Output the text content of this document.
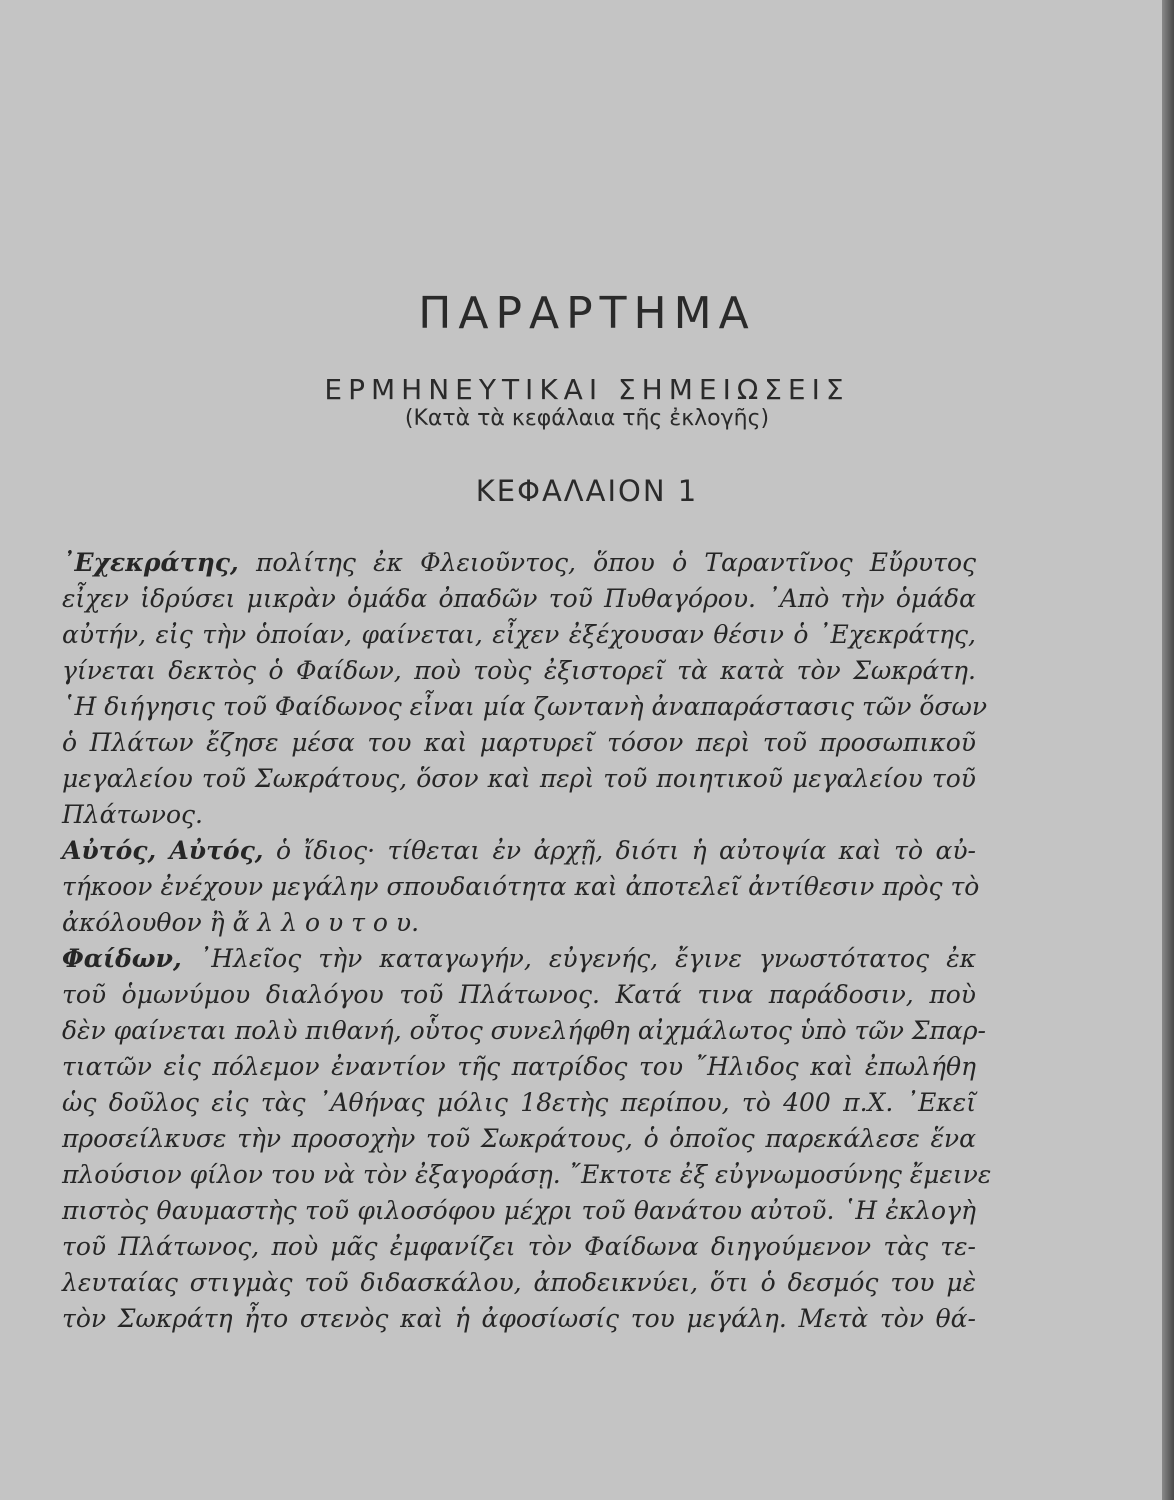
ΠΑΡΑΡΤΗΜΑ
ΕΡΜΗΝΕΥΤΙΚΑΙ ΣΗΜΕΙΩΣΕΙΣ
(Κατὰ τὰ κεφάλαια τῆς ἐκλογῆς)
ΚΕΦΑΛΑΙΟΝ 1
᾿Εχεκράτης, πολίτης ἐκ Φλειοῦντος, ὅπου ὁ Ταραντῖνος Εὔρυτος
εἶχεν ἱδρύσει μικρὰν ὁμάδα ὀπαδῶν τοῦ Πυθαγόρου. ᾿Απὸ τὴν ὁμάδα
αὐτήν, εἰς τὴν ὁποίαν, φαίνεται, εἶχεν ἐξέχουσαν θέσιν ὁ ᾿Εχεκράτης,
γίνεται δεκτὸς ὁ Φαίδων, ποὺ τοὺς ἐξιστορεῖ τὰ κατὰ τὸν Σωκράτη.
῾Η διήγησις τοῦ Φαίδωνος εἶναι μία ζωντανὴ ἀναπαράστασις τῶν ὅσων
ὁ Πλάτων ἔζησε μέσα του καὶ μαρτυρεῖ τόσον περὶ τοῦ προσωπικοῦ
μεγαλείου τοῦ Σωκράτους, ὅσον καὶ περὶ τοῦ ποιητικοῦ μεγαλείου τοῦ
Πλάτωνος.
Αὐτός, Αὐτός, ὁ ἴδιος· τίθεται ἐν ἀρχῇ, διότι ἡ αὐτοψία καὶ τὸ αὐ-
τήκοον ἐνέχουν μεγάλην σπουδαιότητα καὶ ἀποτελεῖ ἀντίθεσιν πρὸς τὸ
ἀκόλουθον ἢ ἄ λ λ ο υ τ ο υ.
Φαίδων, ᾿Ηλεῖος τὴν καταγωγήν, εὐγενής, ἔγινε γνωστότατος ἐκ
τοῦ ὁμωνύμου διαλόγου τοῦ Πλάτωνος. Κατά τινα παράδοσιν, ποὺ
δὲν φαίνεται πολὺ πιθανή, οὗτος συνελήφθη αἰχμάλωτος ὑπὸ τῶν Σπαρ-
τιατῶν εἰς πόλεμον ἐναντίον τῆς πατρίδος του ῎Ηλιδος καὶ ἐπωλήθη
ὡς δοῦλος εἰς τὰς ᾿Αθήνας μόλις 18ετὴς περίπου, τὸ 400 π.Χ. ᾿Εκεῖ
προσείλκυσε τὴν προσοχὴν τοῦ Σωκράτους, ὁ ὁποῖος παρεκάλεσε ἕνα
πλούσιον φίλον του νὰ τὸν ἐξαγοράσῃ. ῎Εκτοτε ἐξ εὐγνωμοσύνης ἔμεινε
πιστὸς θαυμαστὴς τοῦ φιλοσόφου μέχρι τοῦ θανάτου αὐτοῦ. ῾Η ἐκλογὴ
τοῦ Πλάτωνος, ποὺ μᾶς ἐμφανίζει τὸν Φαίδωνα διηγούμενον τὰς τε-
λευταίας στιγμὰς τοῦ διδασκάλου, ἀποδεικνύει, ὅτι ὁ δεσμός του μὲ
τὸν Σωκράτη ἦτο στενὸς καὶ ἡ ἀφοσίωσίς του μεγάλη. Μετὰ τὸν θά-
